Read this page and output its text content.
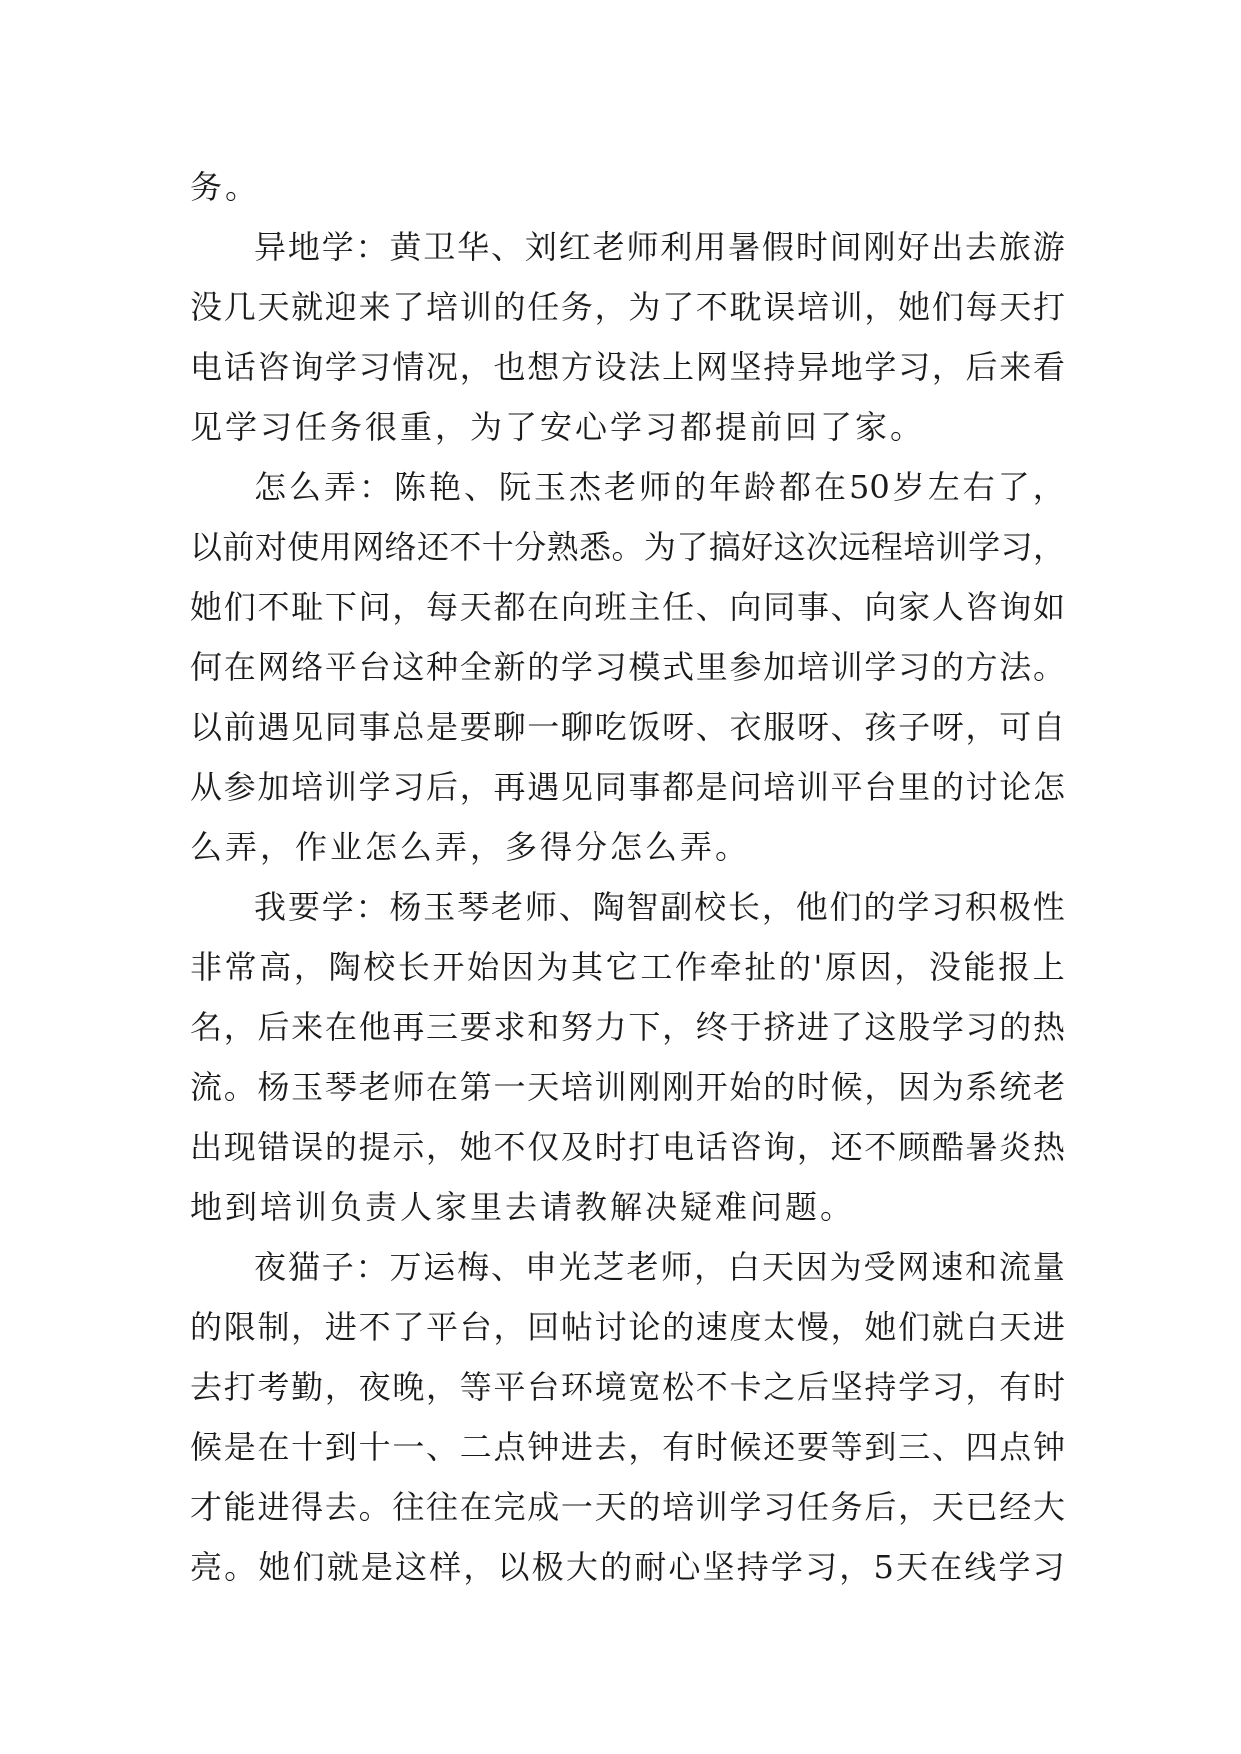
务。
异 地 学 ： 黄 卫 华 、 刘 红 老 师 利 用 暑 假 时 间 刚 好 出 去 旅 游
没 几 天 就 迎 来 了 培 训 的 任 务 ， 为 了 不 耽 误 培 训 ， 她 们 每 天 打
电 话 咨 询 学 习 情 况 ， 也 想 方 设 法 上 网 坚 持 异 地 学 习 ， 后 来 看
见学习任务很重，为了安心学习都提前回了家。
怎 么 弄 ： 陈 艳 、 阮 玉 杰 老 师 的 年 龄 都 在 50 岁 左 右 了 ，
以 前 对 使 用 网 络 还 不 十 分 熟 悉 。 为 了 搞 好 这 次 远 程 培 训 学 习 ，
她 们 不 耻 下 问 ， 每 天 都 在 向 班 主 任 、 向 同 事 、 向 家 人 咨 询 如
何 在 网 络 平 台 这 种 全 新 的 学 习 模 式 里 参 加 培 训 学 习 的 方 法 。
以 前 遇 见 同 事 总 是 要 聊 一 聊 吃 饭 呀 、 衣 服 呀 、 孩 子 呀 ， 可 自
从 参 加 培 训 学 习 后 ， 再 遇 见 同 事 都 是 问 培 训 平 台 里 的 讨 论 怎
么弄，作业怎么弄，多得分怎么弄。
我 要 学 ： 杨 玉 琴 老 师 、 陶 智 副 校 长 ， 他 们 的 学 习 积 极 性
非 常 高 ， 陶 校 长 开 始 因 为 其 它 工 作 牵 扯 的 ' 原 因 ， 没 能 报 上
名 ， 后 来 在 他 再 三 要 求 和 努 力 下 ， 终 于 挤 进 了 这 股 学 习 的 热
流 。 杨 玉 琴 老 师 在 第 一 天 培 训 刚 刚 开 始 的 时 候 ， 因 为 系 统 老
出 现 错 误 的 提 示 ， 她 不 仅 及 时 打 电 话 咨 询 ， 还 不 顾 酷 暑 炎 热
地到培训负责人家里去请教解决疑难问题。
夜 猫 子 ： 万 运 梅 、 申 光 芝 老 师 ， 白 天 因 为 受 网 速 和 流 量
的 限 制 ， 进 不 了 平 台 ， 回 帖 讨 论 的 速 度 太 慢 ， 她 们 就 白 天 进
去 打 考 勤 ， 夜 晚 ， 等 平 台 环 境 宽 松 不 卡 之 后 坚 持 学 习 ， 有 时
候 是 在 十 到 十 一 、 二 点 钟 进 去 ， 有 时 候 还 要 等 到 三 、 四 点 钟
才 能 进 得 去 。 往 往 在 完 成 一 天 的 培 训 学 习 任 务 后 ， 天 已 经 大
亮 。 她 们 就 是 这 样 ， 以 极 大 的 耐 心 坚 持 学 习 ， 5 天 在 线 学 习
